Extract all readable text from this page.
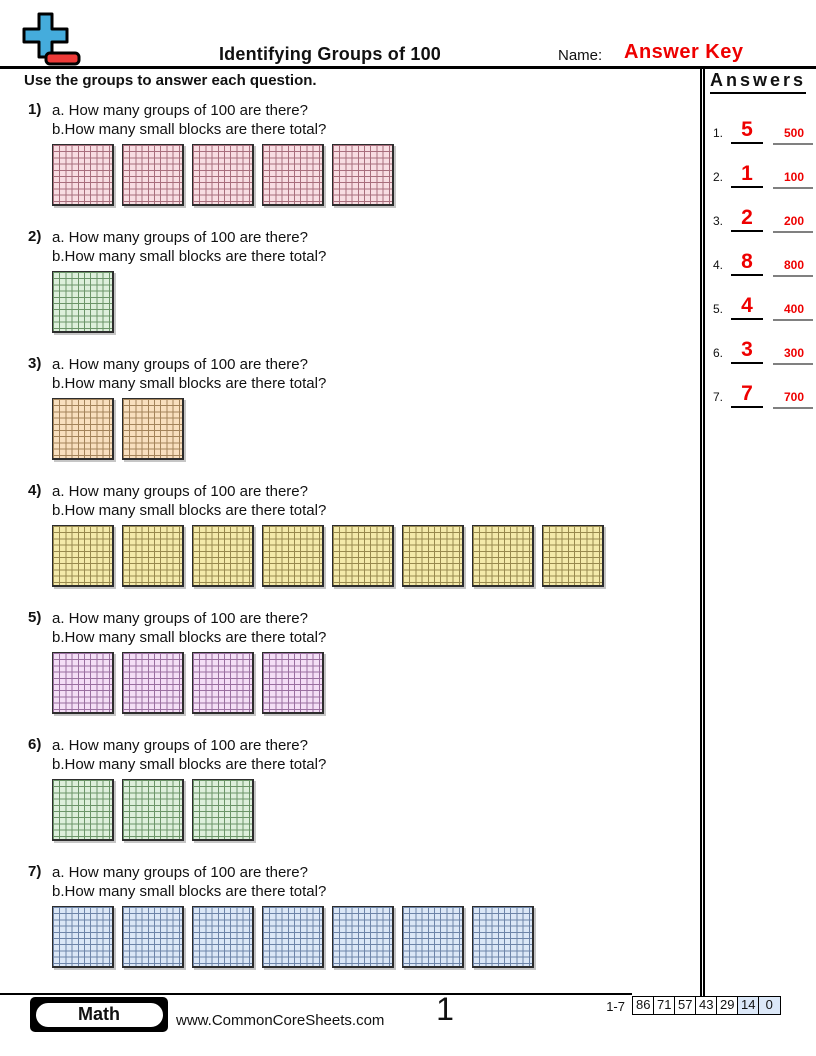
Identifying Groups of 100	Name: Answer Key
Use the groups to answer each question.	Answers
1. 5	500
2. 1	100
3. 2	200
4. 8	800
5. 4	400
6. 3	300
7. 7	700
1) a. How many groups of 100 are there?
b.How many small blocks are there total?
2) a. How many groups of 100 are there?
b.How many small blocks are there total?
3) a. How many groups of 100 are there?
b.How many small blocks are there total?
4) a. How many groups of 100 are there?
b.How many small blocks are there total?
5) a. How many groups of 100 are there?
b.How many small blocks are there total?
6) a. How many groups of 100 are there?
b.How many small blocks are there total?
7) a. How many groups of 100 are there?
b.How many small blocks are there total?
Math	www.CommonCoreSheets.com	1	1-7 86 71 57 43 29 14 0
